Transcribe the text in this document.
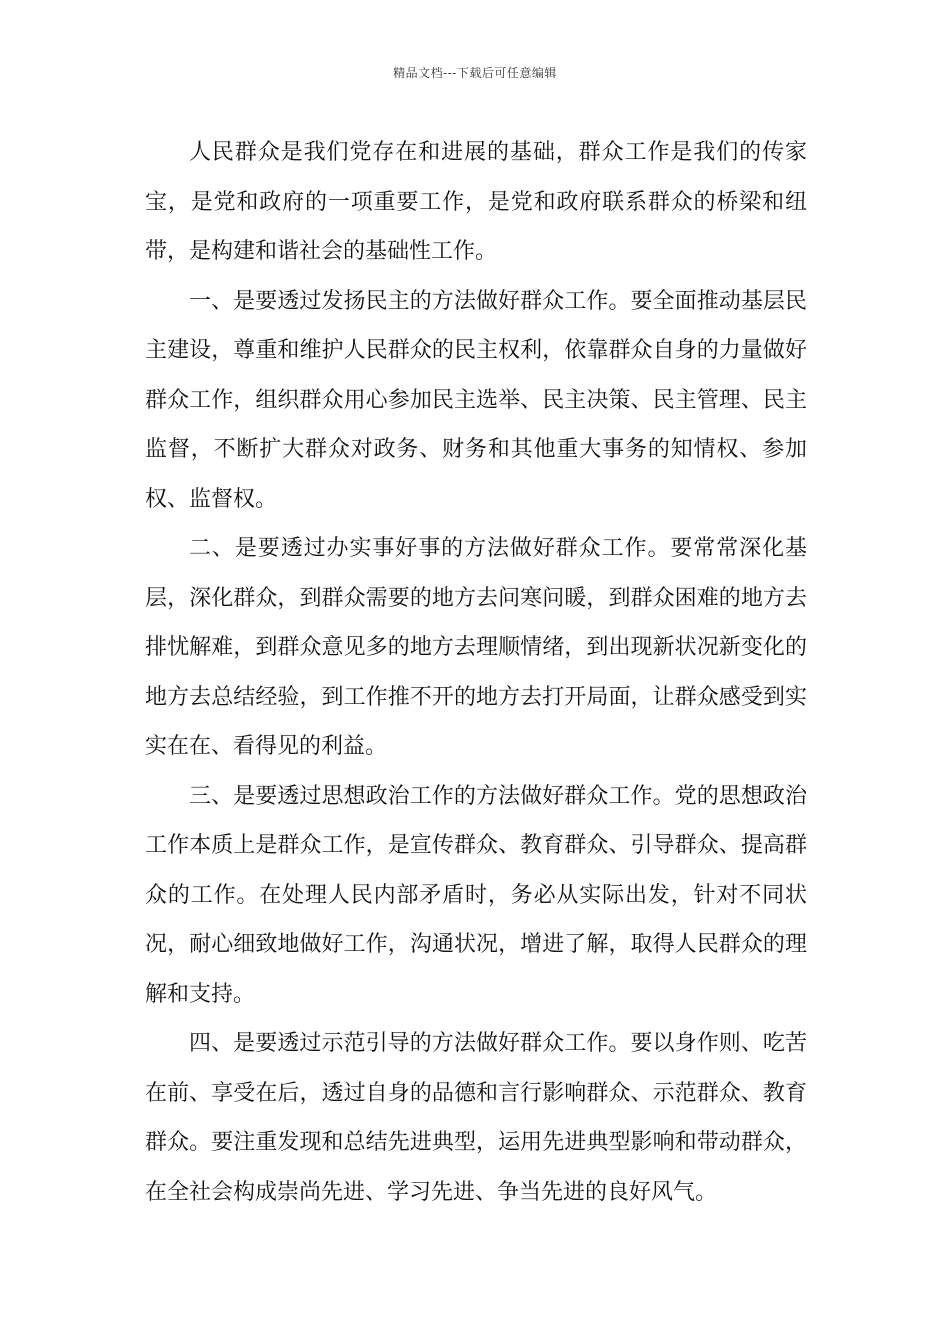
精品文档---下载后可任意编辑

人民群众是我们党存在和进展的基础，群众工作是我们的传家宝，是党和政府的一项重要工作，是党和政府联系群众的桥梁和纽带，是构建和谐社会的基础性工作。

一、是要透过发扬民主的方法做好群众工作。要全面推动基层民主建设，尊重和维护人民群众的民主权利，依靠群众自身的力量做好群众工作，组织群众用心参加民主选举、民主决策、民主管理、民主监督，不断扩大群众对政务、财务和其他重大事务的知情权、参加权、监督权。

二、是要透过办实事好事的方法做好群众工作。要常常深化基层，深化群众，到群众需要的地方去问寒问暖，到群众困难的地方去排忧解难，到群众意见多的地方去理顺情绪，到出现新状况新变化的地方去总结经验，到工作推不开的地方去打开局面，让群众感受到实实在在、看得见的利益。

三、是要透过思想政治工作的方法做好群众工作。党的思想政治工作本质上是群众工作，是宣传群众、教育群众、引导群众、提高群众的工作。在处理人民内部矛盾时，务必从实际出发，针对不同状况，耐心细致地做好工作，沟通状况，增进了解，取得人民群众的理解和支持。

四、是要透过示范引导的方法做好群众工作。要以身作则、吃苦在前、享受在后，透过自身的品德和言行影响群众、示范群众、教育群众。要注重发现和总结先进典型，运用先进典型影响和带动群众，在全社会构成崇尚先进、学习先进、争当先进的良好风气。
